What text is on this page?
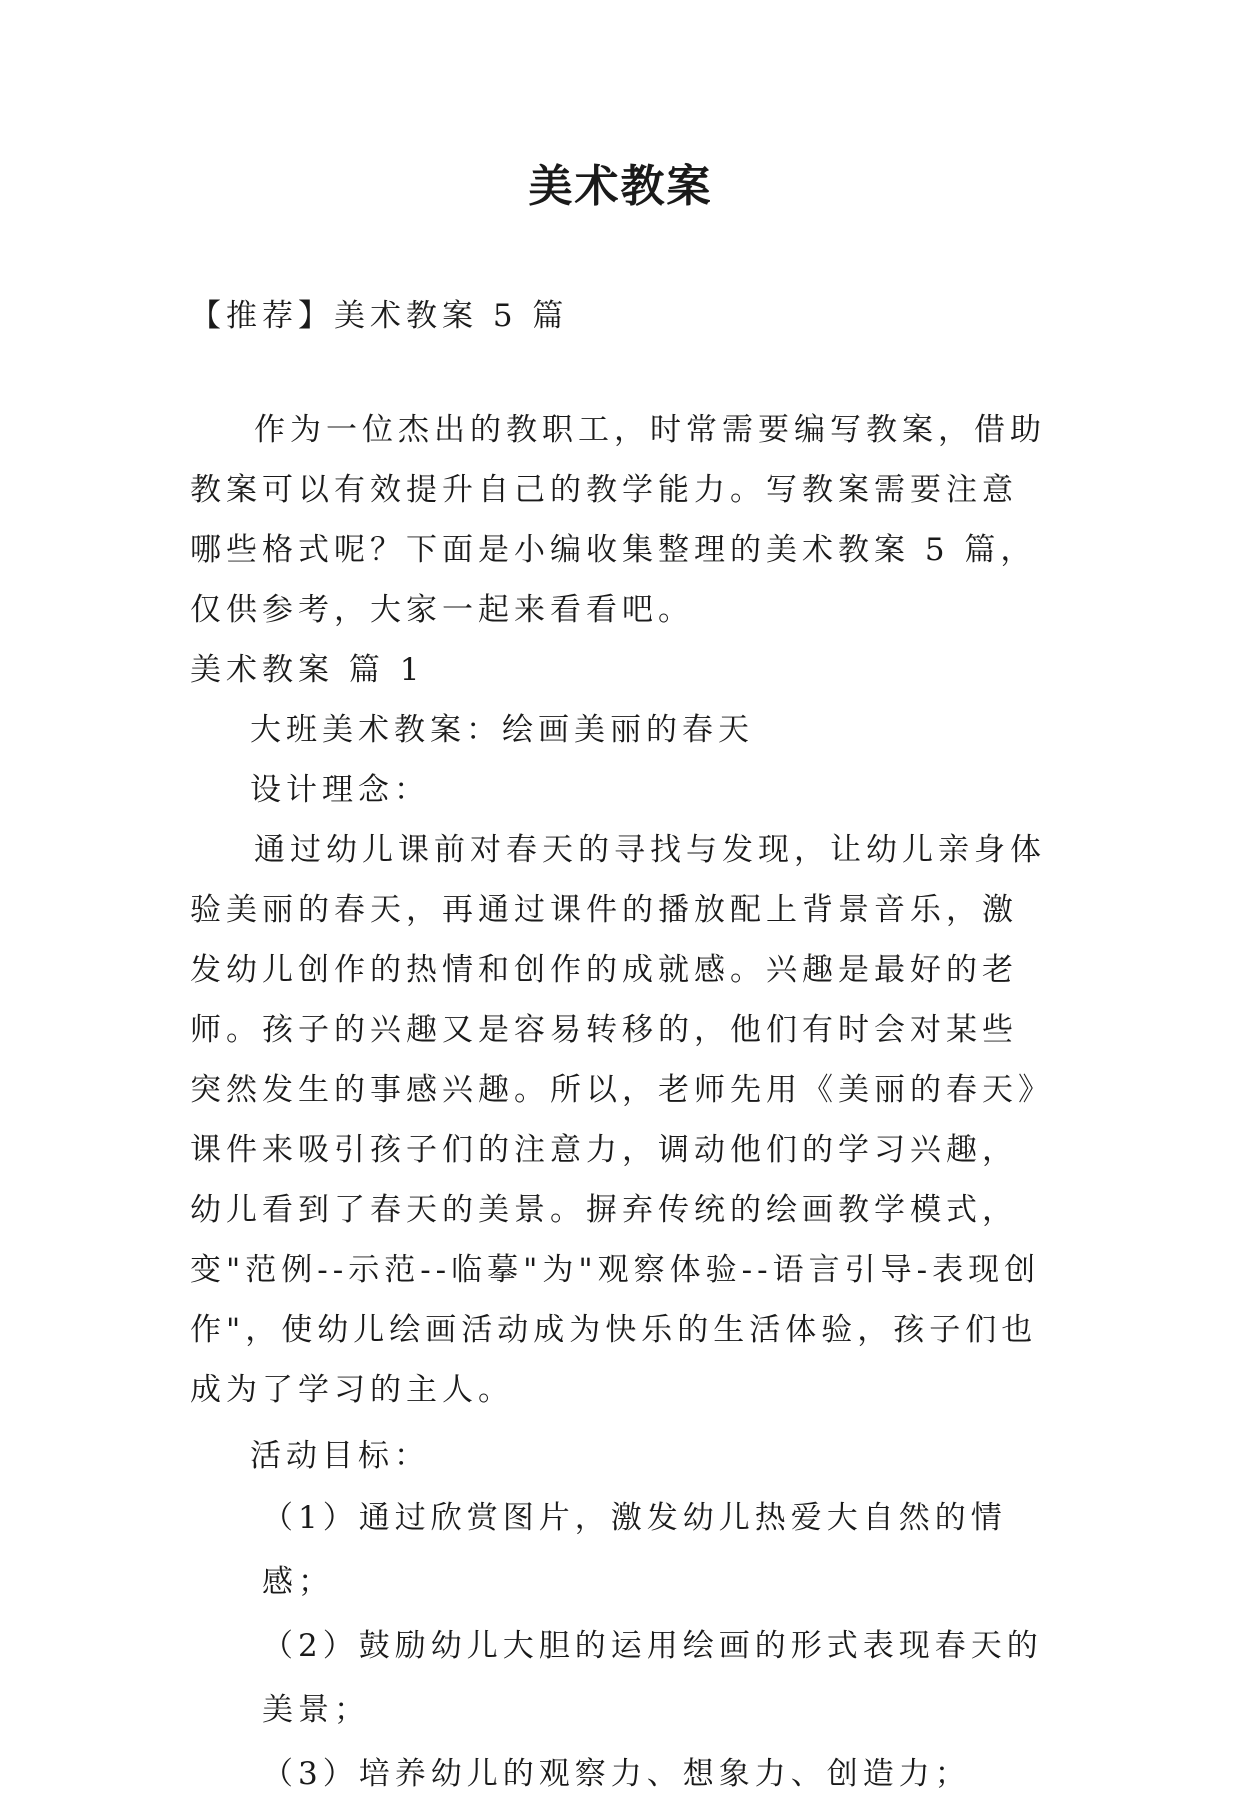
美术教案

【推荐】美术教案 5 篇

作为一位杰出的教职工，时常需要编写教案，借助教案可以有效提升自己的教学能力。写教案需要注意哪些格式呢？下面是小编收集整理的美术教案 5 篇，仅供参考，大家一起来看看吧。

美术教案 篇 1

大班美术教案：绘画美丽的春天

设计理念：

通过幼儿课前对春天的寻找与发现，让幼儿亲身体验美丽的春天，再通过课件的播放配上背景音乐，激发幼儿创作的热情和创作的成就感。兴趣是最好的老师。孩子的兴趣又是容易转移的，他们有时会对某些突然发生的事感兴趣。所以，老师先用《美丽的春天》课件来吸引孩子们的注意力，调动他们的学习兴趣，幼儿看到了春天的美景。摒弃传统的绘画教学模式，变"范例--示范--临摹"为"观察体验--语言引导-表现创作"，使幼儿绘画活动成为快乐的生活体验，孩子们也成为了学习的主人。

活动目标：

（1）通过欣赏图片，激发幼儿热爱大自然的情感；

（2）鼓励幼儿大胆的运用绘画的形式表现春天的美景；

（3）培养幼儿的观察力、想象力、创造力；
